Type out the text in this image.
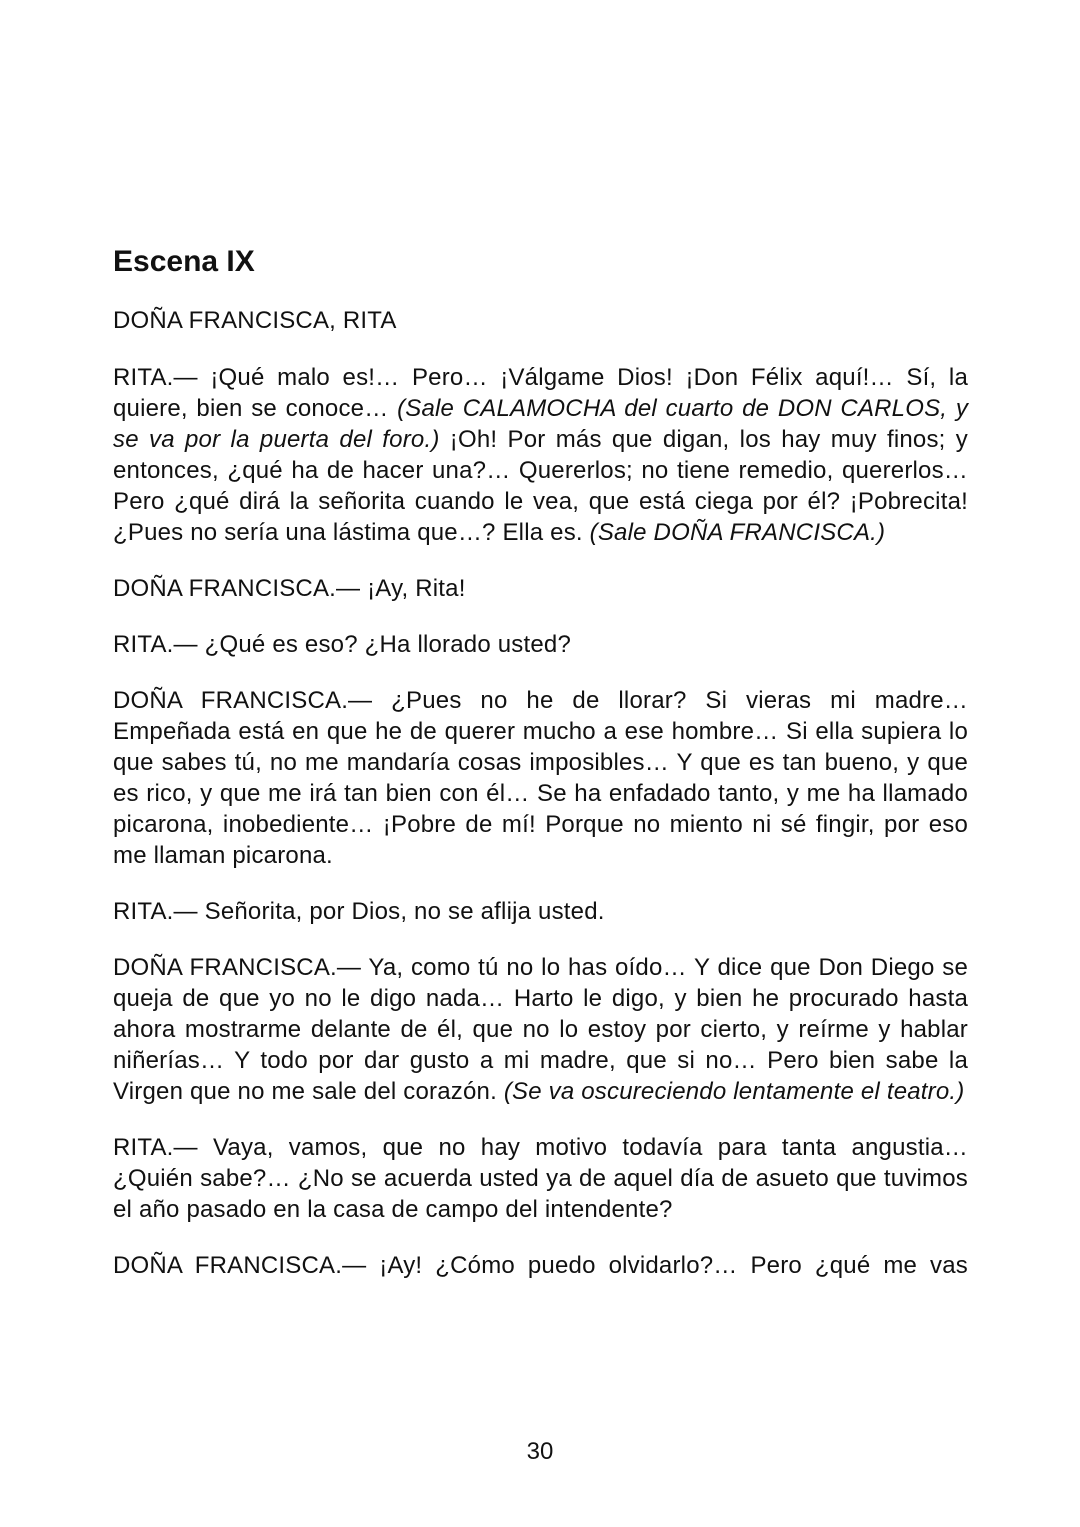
Escena IX

DOÑA FRANCISCA, RITA

RITA.— ¡Qué malo es!… Pero… ¡Válgame Dios! ¡Don Félix aquí!… Sí, la quiere, bien se conoce… (Sale CALAMOCHA del cuarto de DON CARLOS, y se va por la puerta del foro.) ¡Oh! Por más que digan, los hay muy finos; y entonces, ¿qué ha de hacer una?… Quererlos; no tiene remedio, quererlos… Pero ¿qué dirá la señorita cuando le vea, que está ciega por él? ¡Pobrecita! ¿Pues no sería una lástima que…? Ella es. (Sale DOÑA FRANCISCA.)

DOÑA FRANCISCA.— ¡Ay, Rita!

RITA.— ¿Qué es eso? ¿Ha llorado usted?

DOÑA FRANCISCA.— ¿Pues no he de llorar? Si vieras mi madre… Empeñada está en que he de querer mucho a ese hombre… Si ella supiera lo que sabes tú, no me mandaría cosas imposibles… Y que es tan bueno, y que es rico, y que me irá tan bien con él… Se ha enfadado tanto, y me ha llamado picarona, inobediente… ¡Pobre de mí! Porque no miento ni sé fingir, por eso me llaman picarona.

RITA.— Señorita, por Dios, no se aflija usted.

DOÑA FRANCISCA.— Ya, como tú no lo has oído… Y dice que Don Diego se queja de que yo no le digo nada… Harto le digo, y bien he procurado hasta ahora mostrarme delante de él, que no lo estoy por cierto, y reírme y hablar niñerías… Y todo por dar gusto a mi madre, que si no… Pero bien sabe la Virgen que no me sale del corazón. (Se va oscureciendo lentamente el teatro.)

RITA.— Vaya, vamos, que no hay motivo todavía para tanta angustia… ¿Quién sabe?… ¿No se acuerda usted ya de aquel día de asueto que tuvimos el año pasado en la casa de campo del intendente?

DOÑA FRANCISCA.— ¡Ay! ¿Cómo puedo olvidarlo?… Pero ¿qué me vas

30
